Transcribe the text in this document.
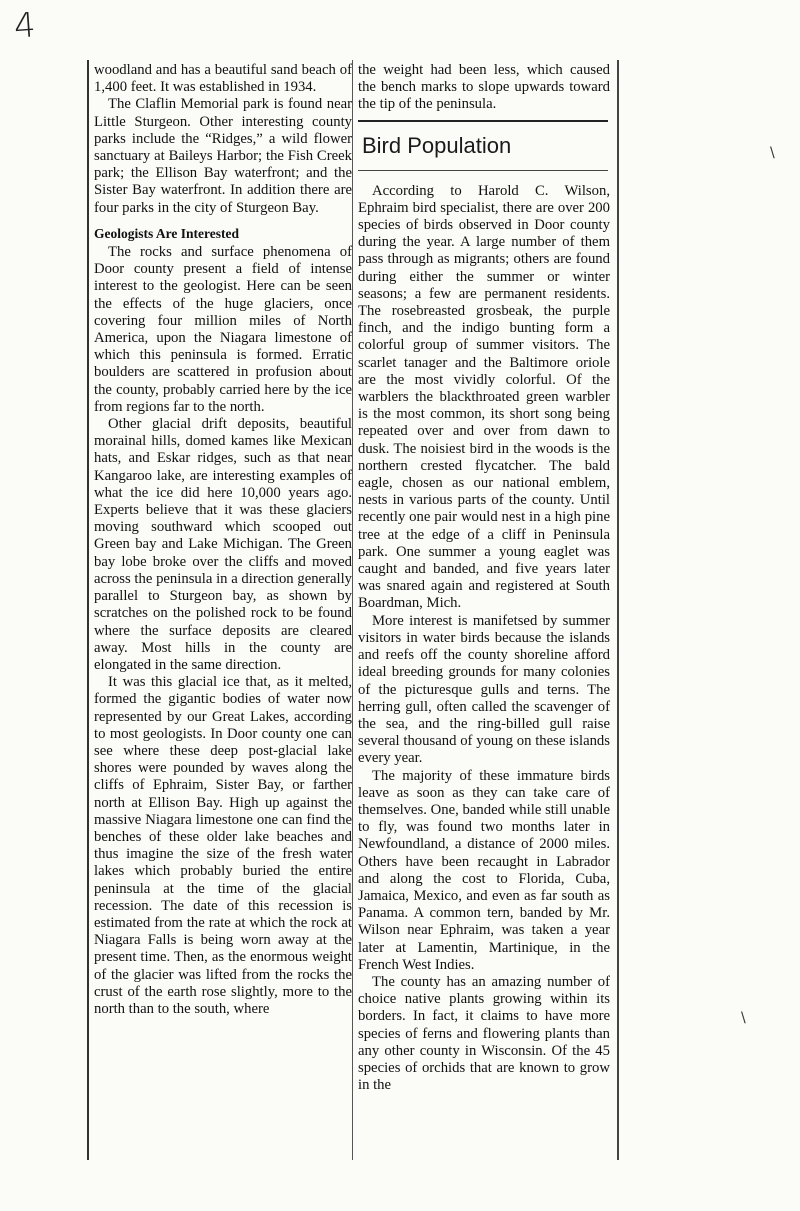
4
\
\

woodland and has a beautiful sand beach of 1,400 feet. It was established in 1934.

The Claflin Memorial park is found near Little Sturgeon. Other interesting county parks include the “Ridges,” a wild flower sanctuary at Baileys Harbor; the Fish Creek park; the Ellison Bay waterfront; and the Sister Bay waterfront. In addition there are four parks in the city of Sturgeon Bay.

Geologists Are Interested

The rocks and surface phenomena of Door county present a field of intense interest to the geologist. Here can be seen the effects of the huge glaciers, once covering four million miles of North America, upon the Niagara limestone of which this peninsula is formed. Erratic boulders are scattered in profusion about the county, probably carried here by the ice from regions far to the north.

Other glacial drift deposits, beautiful morainal hills, domed kames like Mexican hats, and Eskar ridges, such as that near Kangaroo lake, are interesting examples of what the ice did here 10,000 years ago. Experts believe that it was these glaciers moving southward which scooped out Green bay and Lake Michigan. The Green bay lobe broke over the cliffs and moved across the peninsula in a direction generally parallel to Sturgeon bay, as shown by scratches on the polished rock to be found where the surface deposits are cleared away. Most hills in the county are elongated in the same direction.

It was this glacial ice that, as it melted, formed the gigantic bodies of water now represented by our Great Lakes, according to most geologists. In Door county one can see where these deep post-glacial lake shores were pounded by waves along the cliffs of Ephraim, Sister Bay, or farther north at Ellison Bay. High up against the massive Niagara limestone one can find the benches of these older lake beaches and thus imagine the size of the fresh water lakes which probably buried the entire peninsula at the time of the glacial recession. The date of this recession is estimated from the rate at which the rock at Niagara Falls is being worn away at the present time. Then, as the enormous weight of the glacier was lifted from the rocks the crust of the earth rose slightly, more to the north than to the south, where

the weight had been less, which caused the bench marks to slope upwards toward the tip of the peninsula.

Bird Population

According to Harold C. Wilson, Ephraim bird specialist, there are over 200 species of birds observed in Door county during the year. A large number of them pass through as migrants; others are found during either the summer or winter seasons; a few are permanent residents. The rosebreasted grosbeak, the purple finch, and the indigo bunting form a colorful group of summer visitors. The scarlet tanager and the Baltimore oriole are the most vividly colorful. Of the warblers the blackthroated green warbler is the most common, its short song being repeated over and over from dawn to dusk. The noisiest bird in the woods is the northern crested flycatcher. The bald eagle, chosen as our national emblem, nests in various parts of the county. Until recently one pair would nest in a high pine tree at the edge of a cliff in Peninsula park. One summer a young eaglet was caught and banded, and five years later was snared again and registered at South Boardman, Mich.

More interest is manifetsed by summer visitors in water birds because the islands and reefs off the county shoreline afford ideal breeding grounds for many colonies of the picturesque gulls and terns. The herring gull, often called the scavenger of the sea, and the ring-billed gull raise several thousand of young on these islands every year.

The majority of these immature birds leave as soon as they can take care of themselves. One, banded while still unable to fly, was found two months later in Newfoundland, a distance of 2000 miles. Others have been recaught in Labrador and along the cost to Florida, Cuba, Jamaica, Mexico, and even as far south as Panama. A common tern, banded by Mr. Wilson near Ephraim, was taken a year later at Lamentin, Martinique, in the French West Indies.

The county has an amazing number of choice native plants growing within its borders. In fact, it claims to have more species of ferns and flowering plants than any other county in Wisconsin. Of the 45 species of orchids that are known to grow in the
